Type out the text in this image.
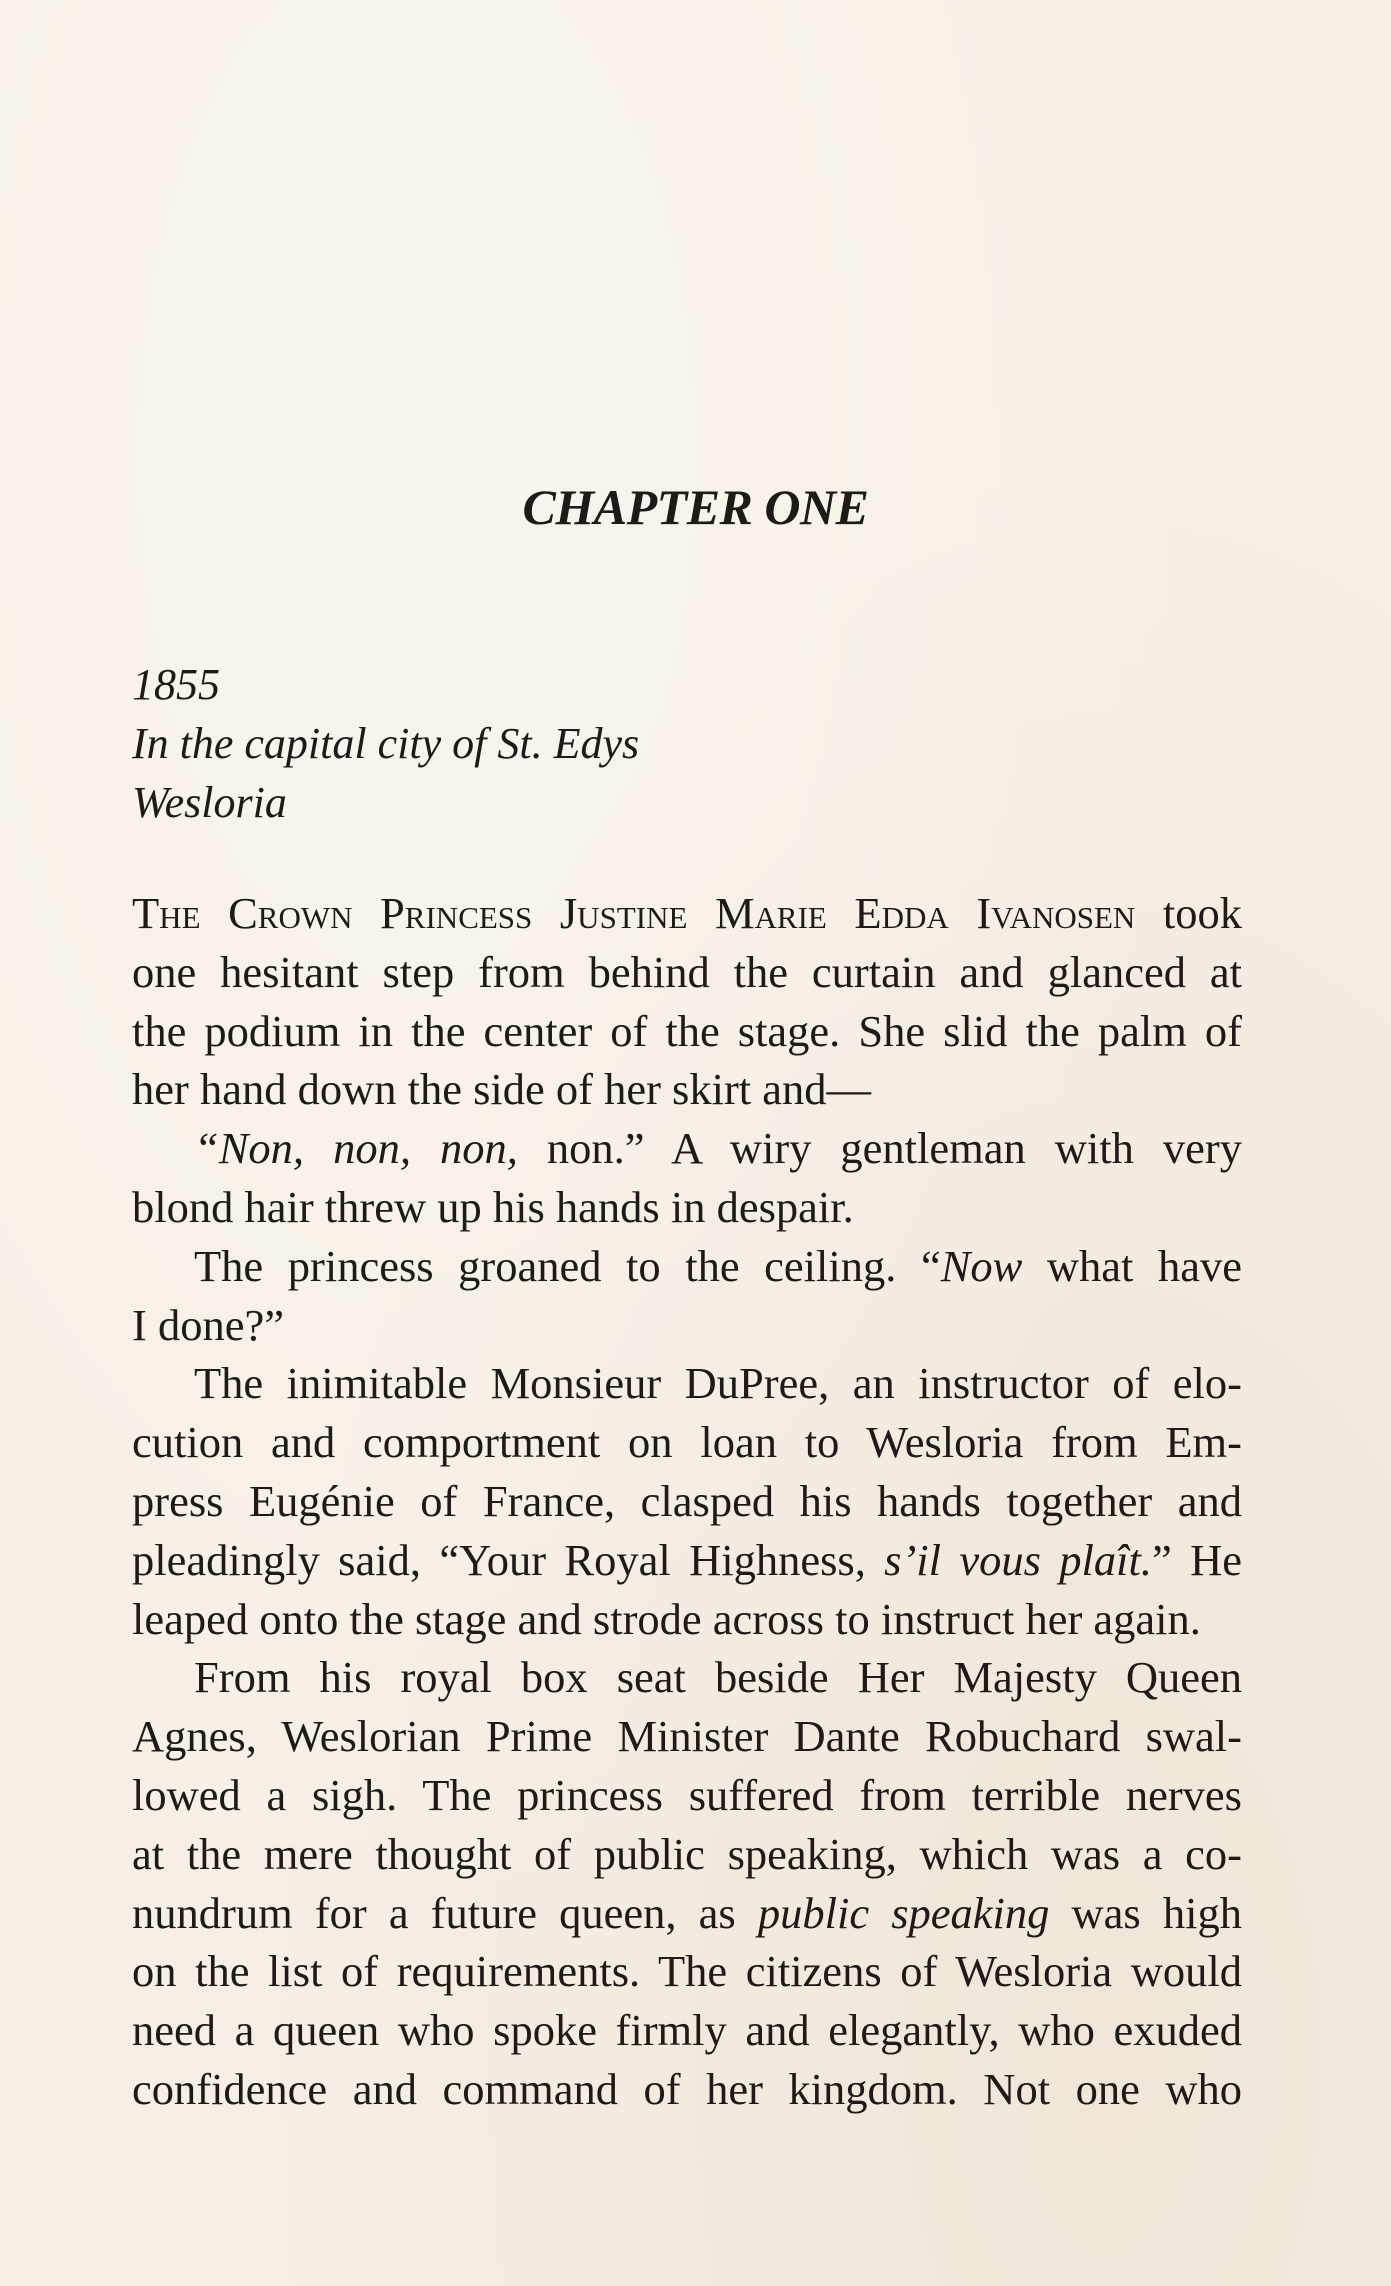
CHAPTER ONE
1855
In the capital city of St. Edys
Wesloria
The Crown Princess Justine Marie Edda Ivanosen took
one hesitant step from behind the curtain and glanced at
the podium in the center of the stage. She slid the palm of
her hand down the side of her skirt and—
“Non, non, non, non.” A wiry gentleman with very
blond hair threw up his hands in despair.
The princess groaned to the ceiling. “Now what have
I done?”
The inimitable Monsieur DuPree, an instructor of elo-
cution and comportment on loan to Wesloria from Em-
press Eugénie of France, clasped his hands together and
pleadingly said, “Your Royal Highness, s’il vous plaît.” He
leaped onto the stage and strode across to instruct her again.
From his royal box seat beside Her Majesty Queen
Agnes, Weslorian Prime Minister Dante Robuchard swal-
lowed a sigh. The princess suffered from terrible nerves
at the mere thought of public speaking, which was a co-
nundrum for a future queen, as public speaking was high
on the list of requirements. The citizens of Wesloria would
need a queen who spoke firmly and elegantly, who exuded
confidence and command of her kingdom. Not one who
